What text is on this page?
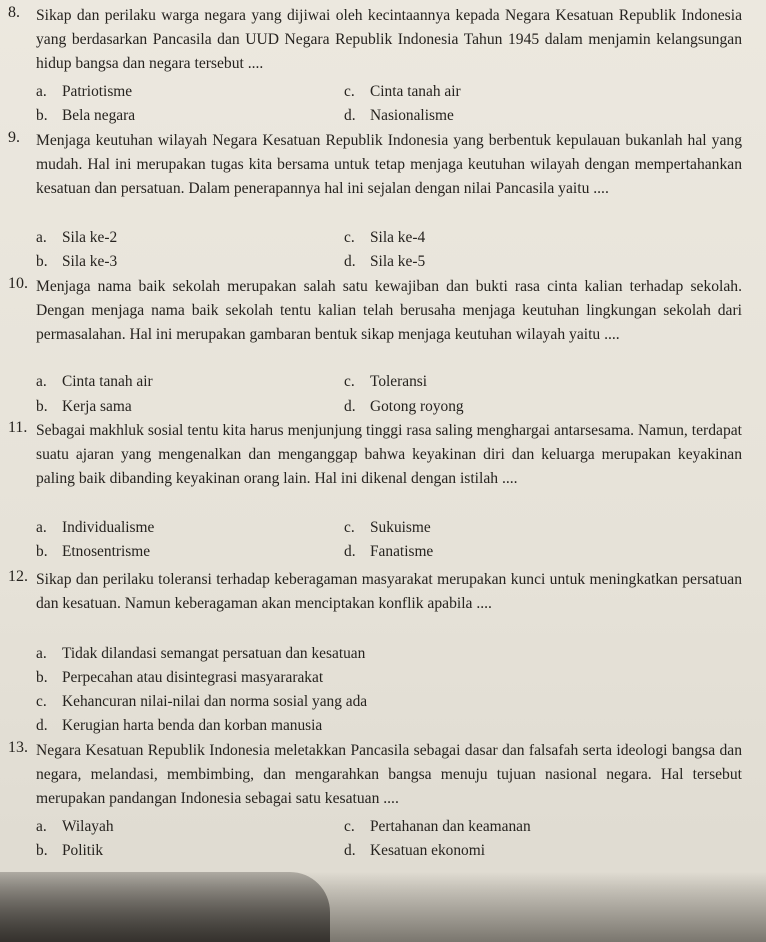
8. Sikap dan perilaku warga negara yang dijiwai oleh kecintaannya kepada Negara Kesatuan Republik Indonesia yang berdasarkan Pancasila dan UUD Negara Republik Indonesia Tahun 1945 dalam menjamin kelangsungan hidup bangsa dan negara tersebut ....
a. Patriotisme
b. Bela negara
c. Cinta tanah air
d. Nasionalisme
9. Menjaga keutuhan wilayah Negara Kesatuan Republik Indonesia yang berbentuk kepulauan bukanlah hal yang mudah. Hal ini merupakan tugas kita bersama untuk tetap menjaga keutuhan wilayah dengan mempertahankan kesatuan dan persatuan. Dalam penerapannya hal ini sejalan dengan nilai Pancasila yaitu ....
a. Sila ke-2
b. Sila ke-3
c. Sila ke-4
d. Sila ke-5
10. Menjaga nama baik sekolah merupakan salah satu kewajiban dan bukti rasa cinta kalian terhadap sekolah. Dengan menjaga nama baik sekolah tentu kalian telah berusaha menjaga keutuhan lingkungan sekolah dari permasalahan. Hal ini merupakan gambaran bentuk sikap menjaga keutuhan wilayah yaitu ....
a. Cinta tanah air
b. Kerja sama
c. Toleransi
d. Gotong royong
11. Sebagai makhluk sosial tentu kita harus menjunjung tinggi rasa saling menghargai antarsesama. Namun, terdapat suatu ajaran yang mengenalkan dan menganggap bahwa keyakinan diri dan keluarga merupakan keyakinan paling baik dibanding keyakinan orang lain. Hal ini dikenal dengan istilah ....
a. Individualisme
b. Etnosentrisme
c. Sukuisme
d. Fanatisme
12. Sikap dan perilaku toleransi terhadap keberagaman masyarakat merupakan kunci untuk meningkatkan persatuan dan kesatuan. Namun keberagaman akan menciptakan konflik apabila ....
a. Tidak dilandasi semangat persatuan dan kesatuan
b. Perpecahan atau disintegrasi masyararakat
c. Kehancuran nilai-nilai dan norma sosial yang ada
d. Kerugian harta benda dan korban manusia
13. Negara Kesatuan Republik Indonesia meletakkan Pancasila sebagai dasar dan falsafah serta ideologi bangsa dan negara, melandasi, membimbing, dan mengarahkan bangsa menuju tujuan nasional negara. Hal tersebut merupakan pandangan Indonesia sebagai satu kesatuan ....
a. Wilayah
b. Politik
c. Pertahanan dan keamanan
d. Kesatuan ekonomi
